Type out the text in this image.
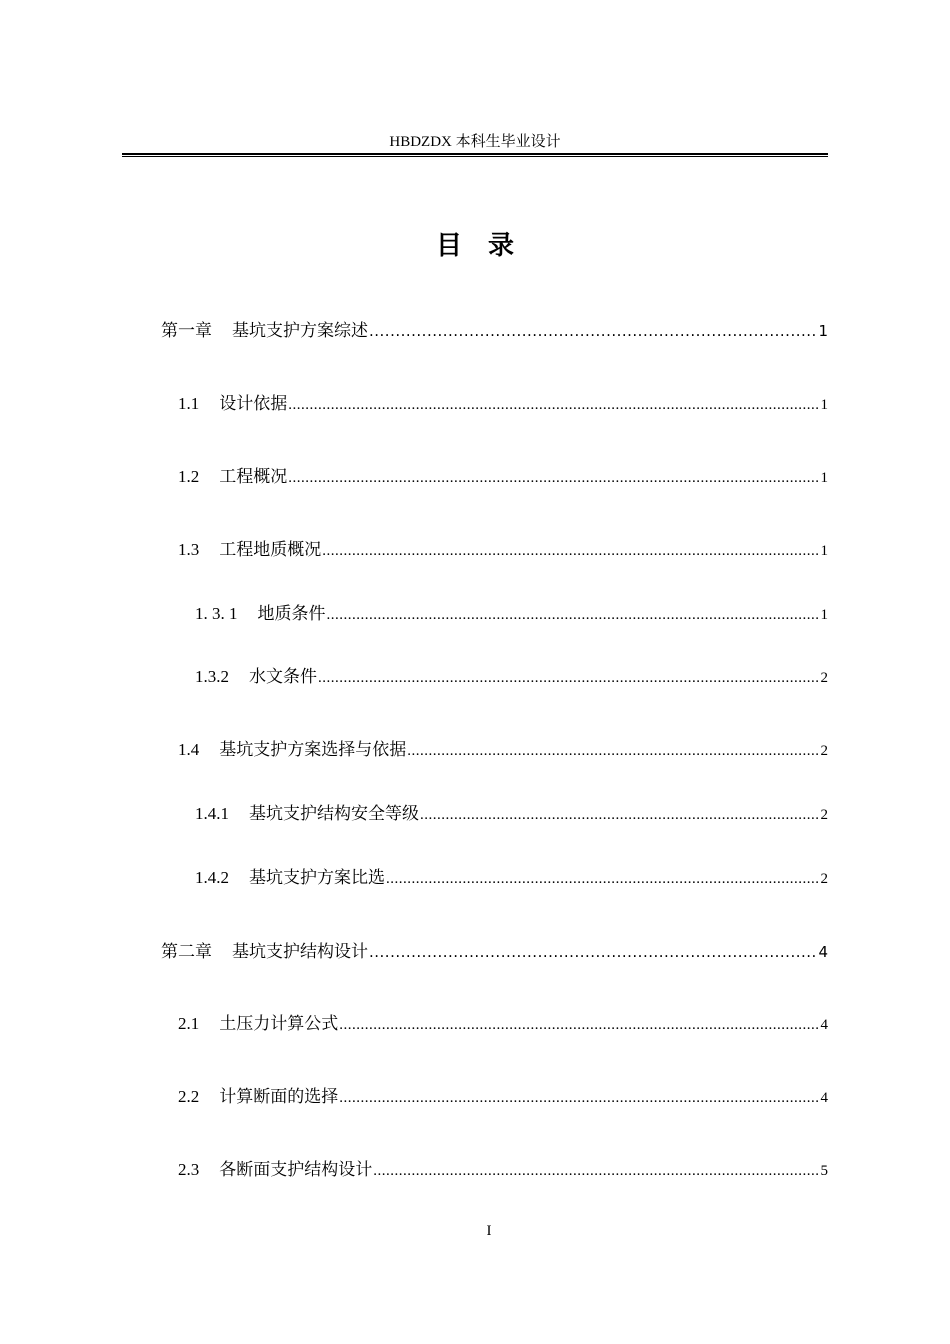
HBDZDX 本科生毕业设计
目录
第一章 基坑支护方案综述 .....	1
1.1 设计依据 .....	1
1.2 工程概况 .....	1
1.3 工程地质概况 .....	1
1. 3. 1 地质条件 .....	1
1.3.2 水文条件 .....	2
1.4 基坑支护方案选择与依据 .....	2
1.4.1 基坑支护结构安全等级 .....	2
1.4.2 基坑支护方案比选 .....	2
第二章 基坑支护结构设计 .....	4
2.1 土压力计算公式 .....	4
2.2 计算断面的选择 .....	4
2.3 各断面支护结构设计 .....	5
I
